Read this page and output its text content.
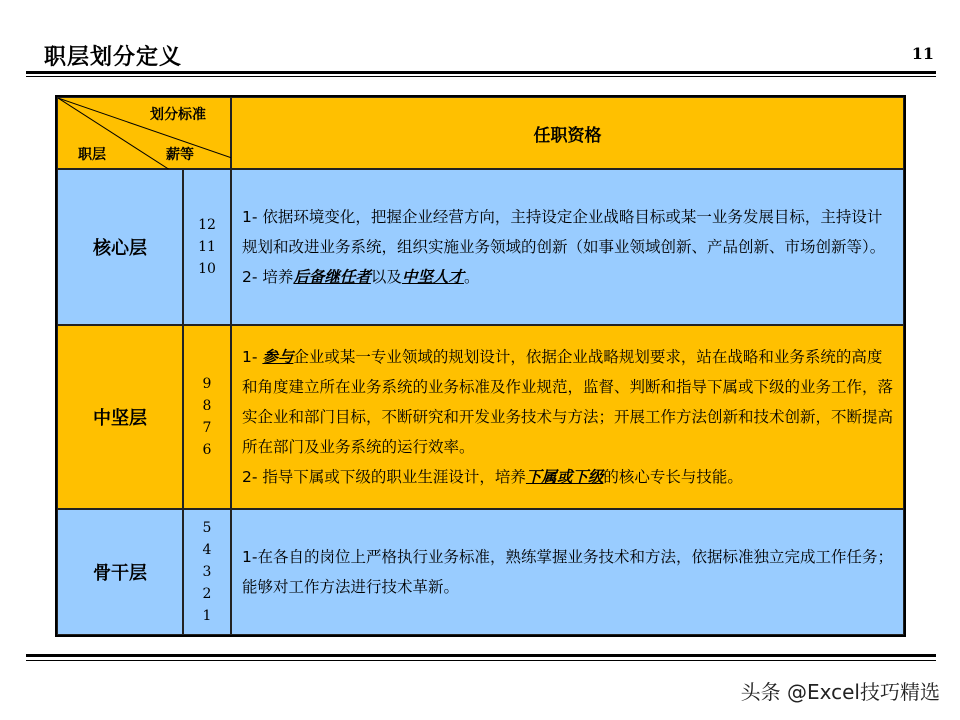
职层划分定义	11
划分标准
职层	薪等
任职资格
核心层
12
11
10
1- 依据环境变化，把握企业经营方向，主持设定企业战略目标或某一业务发展目标，主持设计规划和改进业务系统，组织实施业务领域的创新（如事业领域创新、产品创新、市场创新等）。
2- 培养后备继任者以及中坚人才。
中坚层
9
8
7
6
1- 参与企业或某一专业领域的规划设计，依据企业战略规划要求，站在战略和业务系统的高度和角度建立所在业务系统的业务标准及作业规范，监督、判断和指导下属或下级的业务工作，落实企业和部门目标，不断研究和开发业务技术与方法；开展工作方法创新和技术创新，不断提高所在部门及业务系统的运行效率。
2- 指导下属或下级的职业生涯设计，培养下属或下级的核心专长与技能。
骨干层
5
4
3
2
1
1-在各自的岗位上严格执行业务标准，熟练掌握业务技术和方法，依据标准独立完成工作任务；能够对工作方法进行技术革新。
头条 @Excel技巧精选
